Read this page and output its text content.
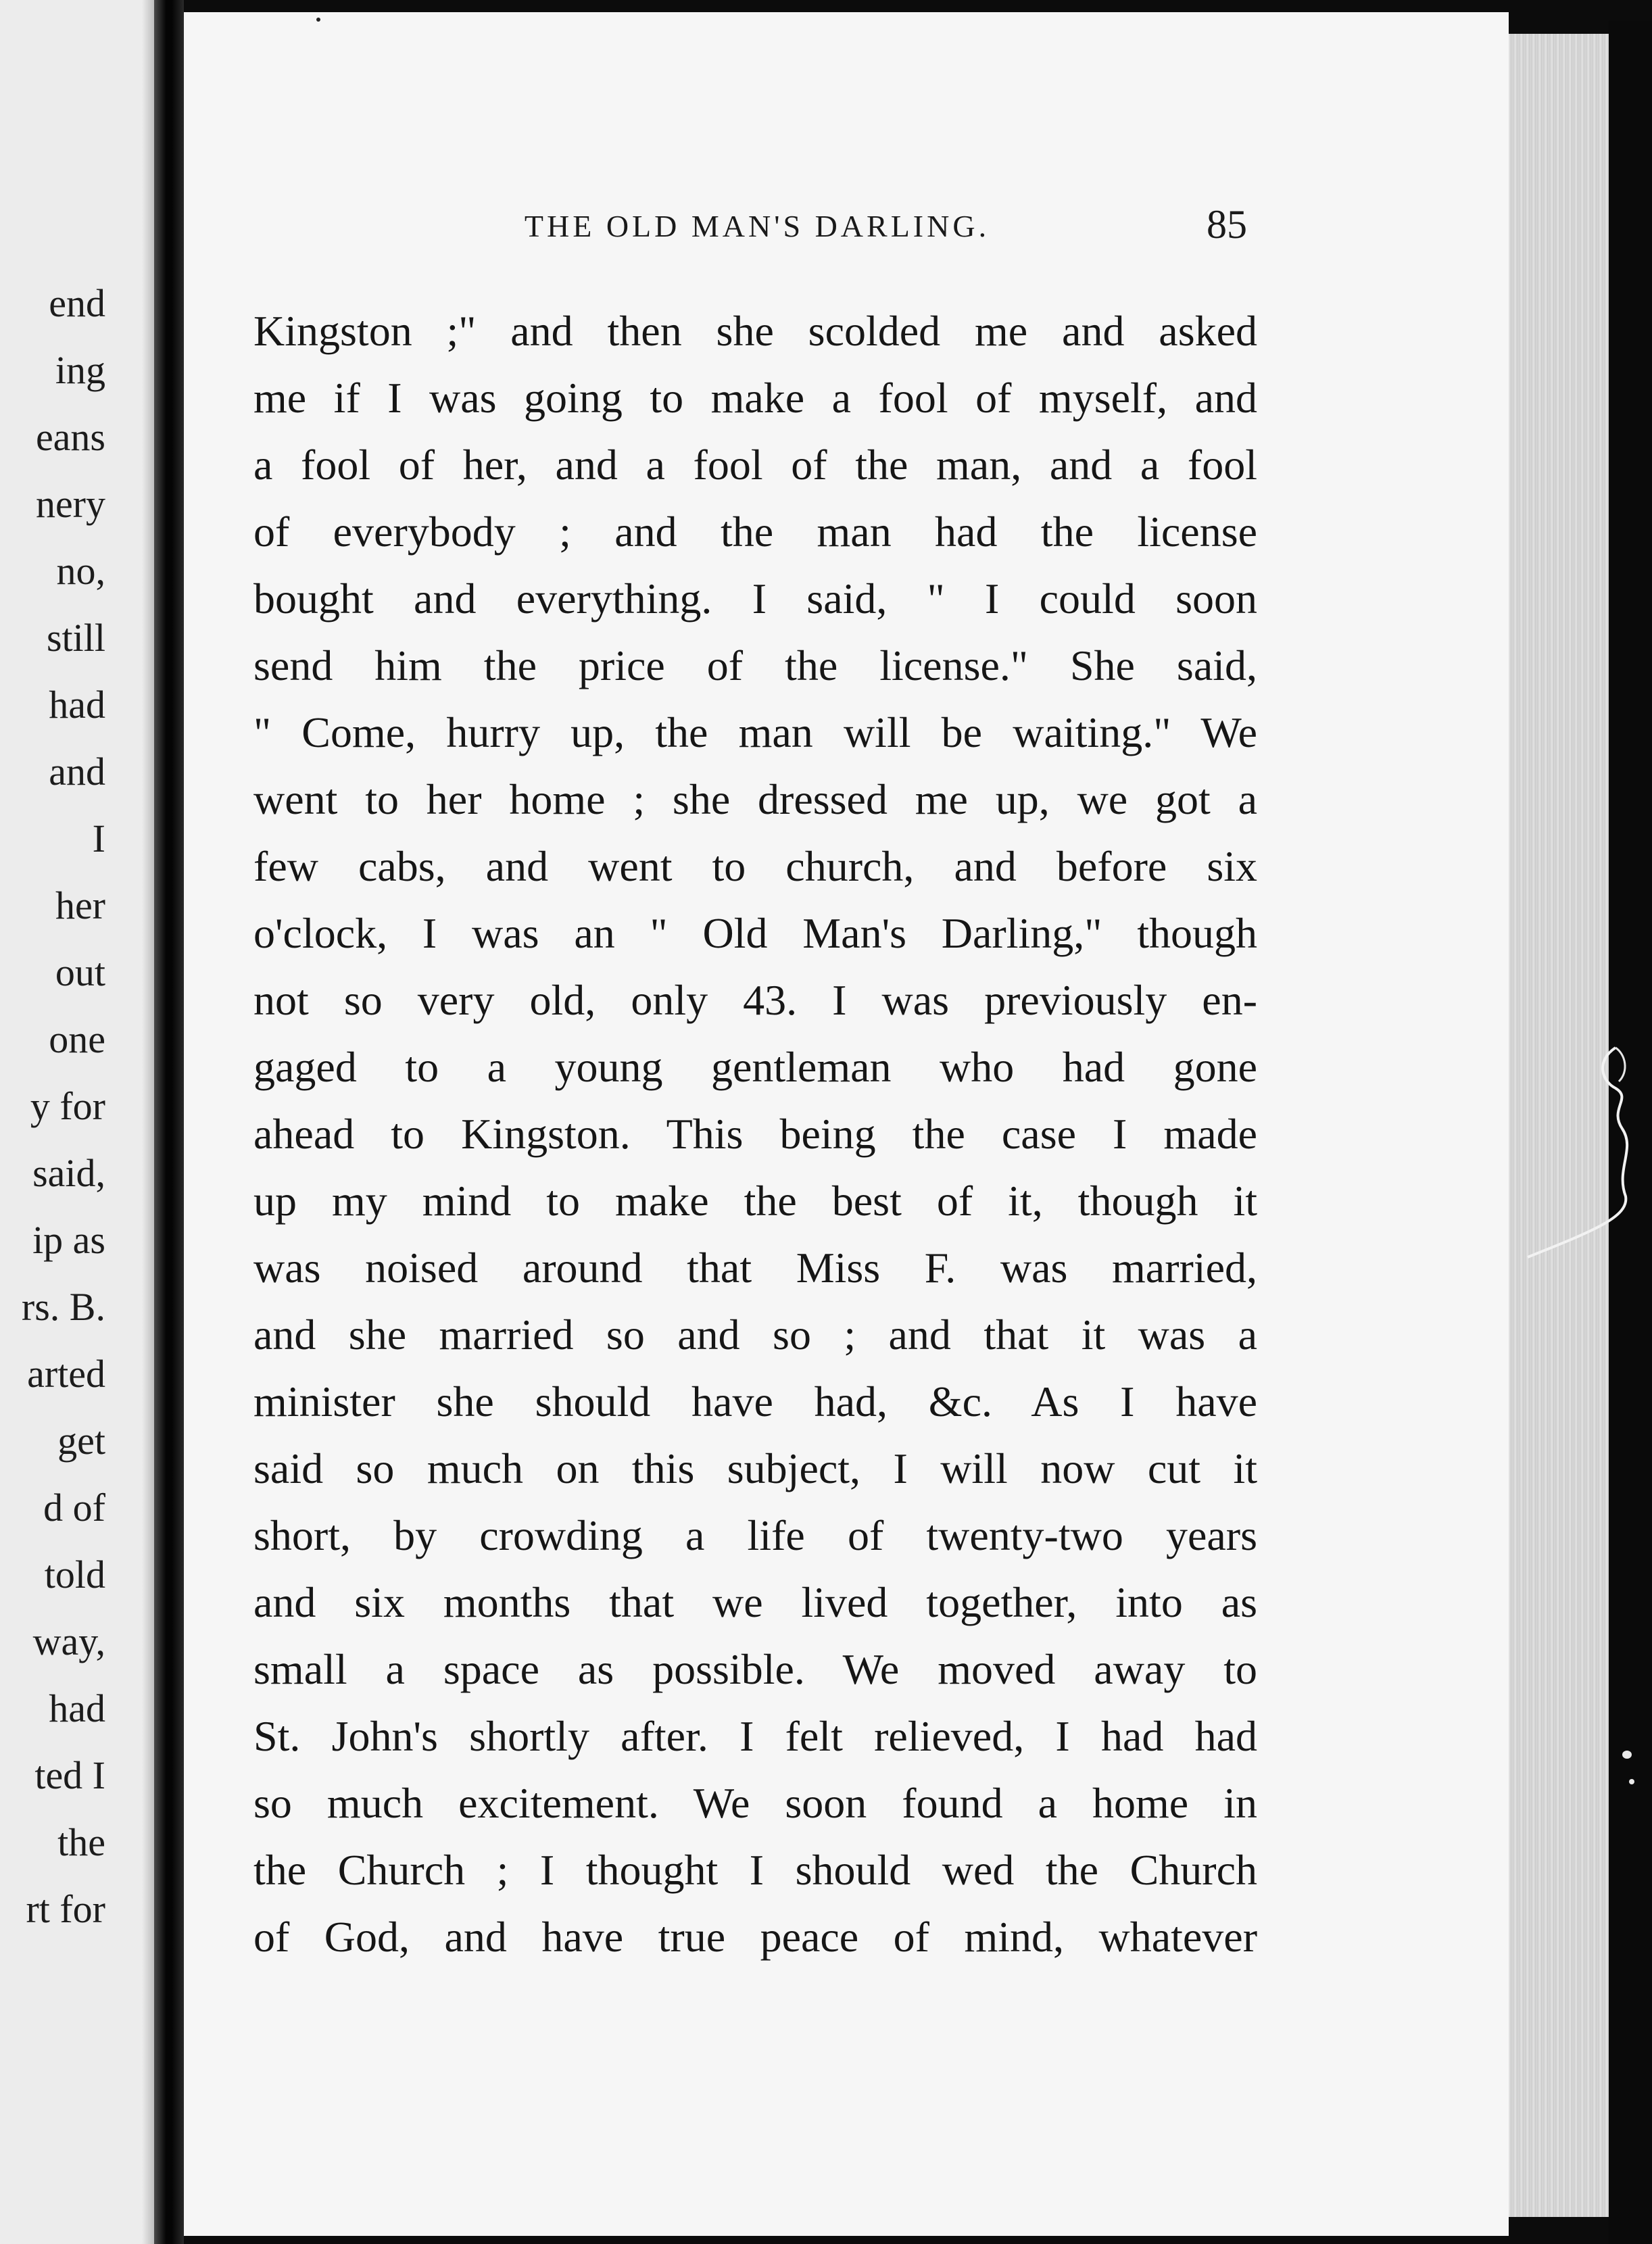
end
ing
eans
nery
no,
still
had
and
I
her
out
one
y for
said,
ip as
rs. B.
arted
get
d of
told
way,
had
ted I
the
rt for
THE OLD MAN'S DARLING.	85
Kingston ;" and then she scolded me and asked
me if I was going to make a fool of myself, and
a fool of her, and a fool of the man, and a fool
of everybody ; and the man had the license
bought and everything. I said, " I could soon
send him the price of the license." She said,
" Come, hurry up, the man will be waiting." We
went to her home ; she dressed me up, we got a
few cabs, and went to church, and before six
o'clock, I was an " Old Man's Darling," though
not so very old, only 43. I was previously en-
gaged to a young gentleman who had gone
ahead to Kingston. This being the case I made
up my mind to make the best of it, though it
was noised around that Miss F. was married,
and she married so and so ; and that it was a
minister she should have had, &c. As I have
said so much on this subject, I will now cut it
short, by crowding a life of twenty-two years
and six months that we lived together, into as
small a space as possible. We moved away to
St. John's shortly after. I felt relieved, I had had
so much excitement. We soon found a home in
the Church ; I thought I should wed the Church
of God, and have true peace of mind, whatever
